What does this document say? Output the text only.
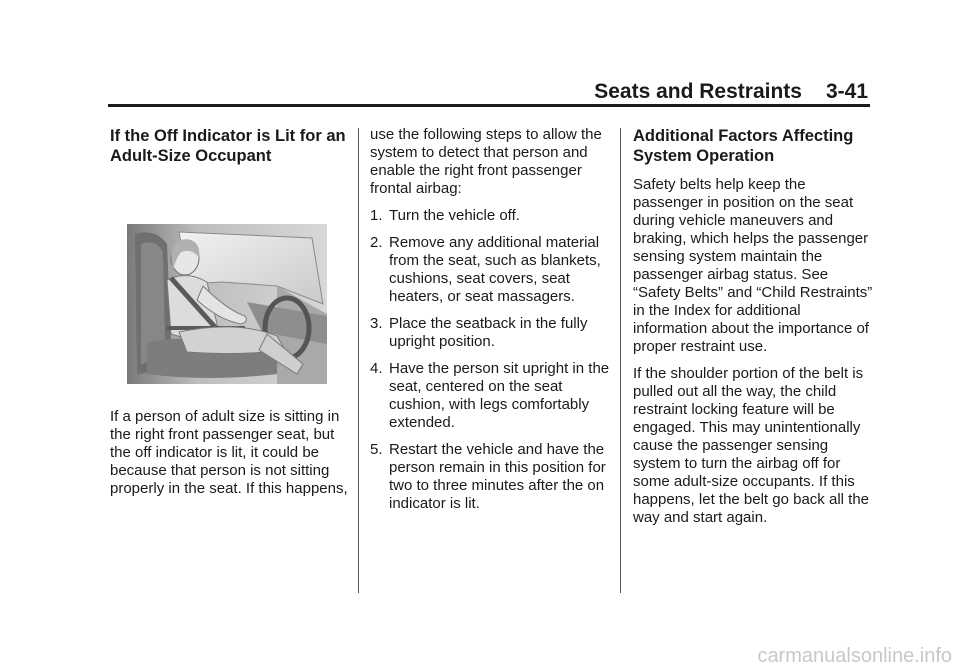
Seats and Restraints 3-41
If the Off Indicator is Lit for an Adult-Size Occupant

If a person of adult size is sitting in the right front passenger seat, but the off indicator is lit, it could be because that person is not sitting properly in the seat. If this happens,

use the following steps to allow the system to detect that person and enable the right front passenger frontal airbag:

1. Turn the vehicle off.
2. Remove any additional material from the seat, such as blankets, cushions, seat covers, seat heaters, or seat massagers.
3. Place the seatback in the fully upright position.
4. Have the person sit upright in the seat, centered on the seat cushion, with legs comfortably extended.
5. Restart the vehicle and have the person remain in this position for two to three minutes after the on indicator is lit.
Additional Factors Affecting System Operation

Safety belts help keep the passenger in position on the seat during vehicle maneuvers and braking, which helps the passenger sensing system maintain the passenger airbag status. See “Safety Belts” and “Child Restraints” in the Index for additional information about the importance of proper restraint use.

If the shoulder portion of the belt is pulled out all the way, the child restraint locking feature will be engaged. This may unintentionally cause the passenger sensing system to turn the airbag off for some adult-size occupants. If this happens, let the belt go back all the way and start again.

carmanualsonline.info
